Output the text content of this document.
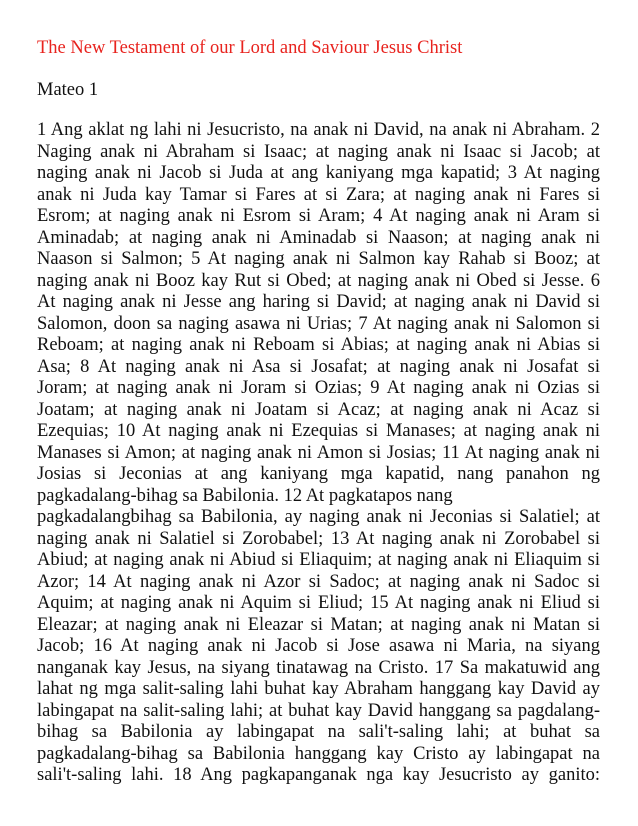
The New Testament of our Lord and Saviour Jesus Christ
Mateo 1
1 Ang aklat ng lahi ni Jesucristo, na anak ni David, na anak ni Abraham. 2
Naging anak ni Abraham si Isaac; at naging anak ni Isaac si Jacob; at
naging anak ni Jacob si Juda at ang kaniyang mga kapatid; 3 At naging
anak ni Juda kay Tamar si Fares at si Zara; at naging anak ni Fares si
Esrom; at naging anak ni Esrom si Aram; 4 At naging anak ni Aram si
Aminadab; at naging anak ni Aminadab si Naason; at naging anak ni
Naason si Salmon; 5 At naging anak ni Salmon kay Rahab si Booz; at
naging anak ni Booz kay Rut si Obed; at naging anak ni Obed si Jesse. 6
At naging anak ni Jesse ang haring si David; at naging anak ni David si
Salomon, doon sa naging asawa ni Urias; 7 At naging anak ni Salomon si
Reboam; at naging anak ni Reboam si Abias; at naging anak ni Abias si
Asa; 8 At naging anak ni Asa si Josafat; at naging anak ni Josafat si
Joram; at naging anak ni Joram si Ozias; 9 At naging anak ni Ozias si
Joatam; at naging anak ni Joatam si Acaz; at naging anak ni Acaz si
Ezequias; 10 At naging anak ni Ezequias si Manases; at naging anak ni
Manases si Amon; at naging anak ni Amon si Josias; 11 At naging anak ni
Josias si Jeconias at ang kaniyang mga kapatid, nang panahon ng
pagkadalang-bihag sa Babilonia. 12 At pagkatapos nang
pagkadalangbihag sa Babilonia, ay naging anak ni Jeconias si Salatiel; at
naging anak ni Salatiel si Zorobabel; 13 At naging anak ni Zorobabel si
Abiud; at naging anak ni Abiud si Eliaquim; at naging anak ni Eliaquim si
Azor; 14 At naging anak ni Azor si Sadoc; at naging anak ni Sadoc si
Aquim; at naging anak ni Aquim si Eliud; 15 At naging anak ni Eliud si
Eleazar; at naging anak ni Eleazar si Matan; at naging anak ni Matan si
Jacob; 16 At naging anak ni Jacob si Jose asawa ni Maria, na siyang
nanganak kay Jesus, na siyang tinatawag na Cristo. 17 Sa makatuwid ang
lahat ng mga salit-saling lahi buhat kay Abraham hanggang kay David ay
labingapat na salit-saling lahi; at buhat kay David hanggang sa pagdalang-
bihag sa Babilonia ay labingapat na sali't-saling lahi; at buhat sa
pagkadalang-bihag sa Babilonia hanggang kay Cristo ay labingapat na
sali't-saling lahi. 18 Ang pagkapanganak nga kay Jesucristo ay ganito:
